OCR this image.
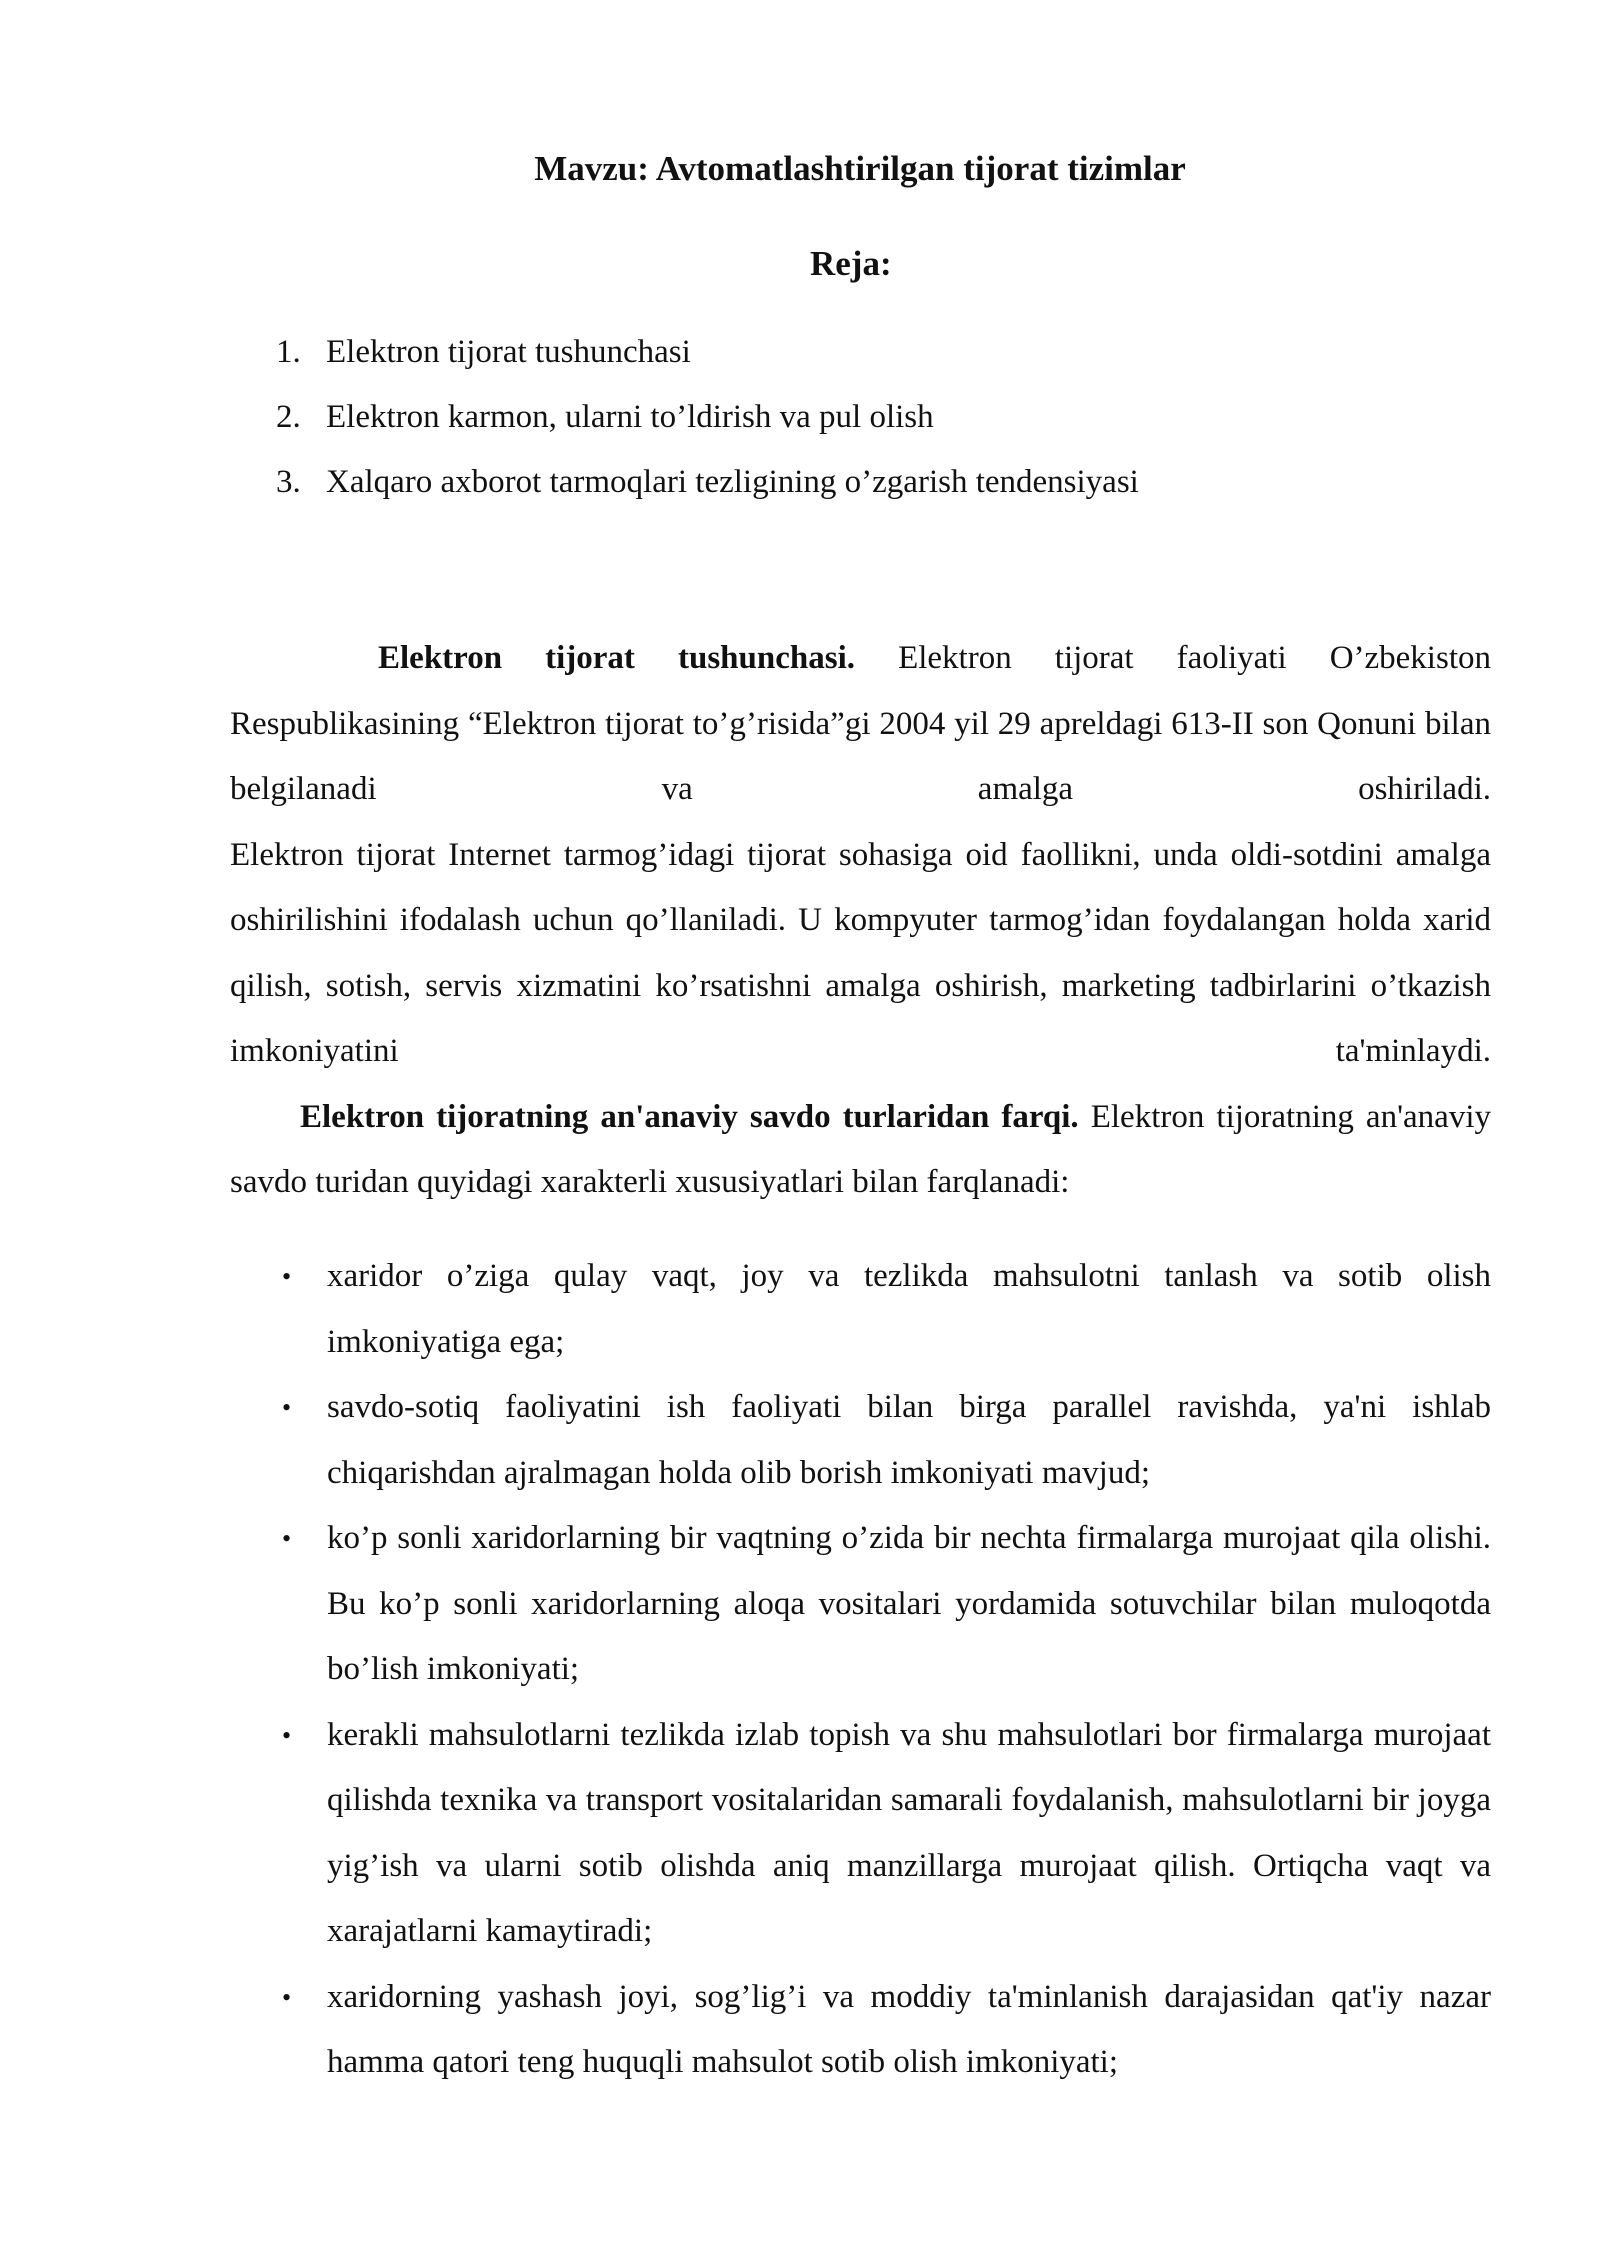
Mavzu: Avtomatlashtirilgan tijorat tizimlar
Reja:
1. Elektron tijorat tushunchasi
2. Elektron karmon, ularni to’ldirish va pul olish
3. Xalqaro axborot tarmoqlari tezligining o’zgarish tendensiyasi

Elektron tijorat tushunchasi. Elektron tijorat faoliyati O’zbekiston Respublikasining “Elektron tijorat to’g’risida”gi 2004 yil 29 apreldagi 613-II son Qonuni bilan belgilanadi va amalga oshiriladi.

Elektron tijorat Internet tarmog’idagi tijorat sohasiga oid faollikni, unda oldi-sotdini amalga oshirilishini ifodalash uchun qo’llaniladi. U kompyuter tarmog’idan foydalangan holda xarid qilish, sotish, servis xizmatini ko’rsatishni amalga oshirish, marketing tadbirlarini o’tkazish imkoniyatini ta'minlaydi.

Elektron tijoratning an'anaviy savdo turlaridan farqi. Elektron tijoratning an'anaviy savdo turidan quyidagi xarakterli xususiyatlari bilan farqlanadi:

• xaridor o’ziga qulay vaqt, joy va tezlikda mahsulotni tanlash va sotib olish imkoniyatiga ega;
• savdo-sotiq faoliyatini ish faoliyati bilan birga parallel ravishda, ya'ni ishlab chiqarishdan ajralmagan holda olib borish imkoniyati mavjud;
• ko’p sonli xaridorlarning bir vaqtning o’zida bir nechta firmalarga murojaat qila olishi. Bu ko’p sonli xaridorlarning aloqa vositalari yordamida sotuvchilar bilan muloqotda bo’lish imkoniyati;
• kerakli mahsulotlarni tezlikda izlab topish va shu mahsulotlari bor firmalarga murojaat qilishda texnika va transport vositalaridan samarali foydalanish, mahsulotlarni bir joyga yig’ish va ularni sotib olishda aniq manzillarga murojaat qilish. Ortiqcha vaqt va xarajatlarni kamaytiradi;
• xaridorning yashash joyi, sog’lig’i va moddiy ta'minlanish darajasidan qat'iy nazar hamma qatori teng huquqli mahsulot sotib olish imkoniyati;
